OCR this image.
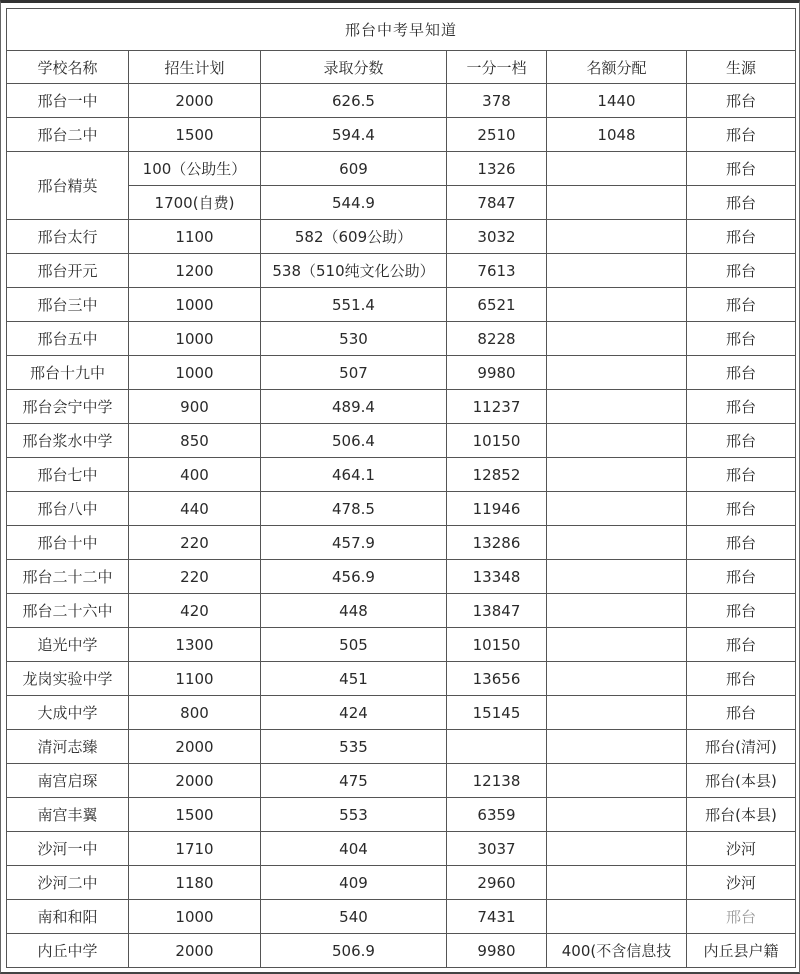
邢台中考早知道					
学校名称	招生计划	录取分数	一分一档	名额分配	生源
邢台一中	2000	626.5	378	1440	邢台
邢台二中	1500	594.4	2510	1048	邢台
邢台精英	100（公助生）	609	1326		邢台
	1700(自费)	544.9	7847		邢台
邢台太行	1100	582（609公助）	3032		邢台
邢台开元	1200	538（510纯文化公助）	7613		邢台
邢台三中	1000	551.4	6521		邢台
邢台五中	1000	530	8228		邢台
邢台十九中	1000	507	9980		邢台
邢台会宁中学	900	489.4	11237		邢台
邢台浆水中学	850	506.4	10150		邢台
邢台七中	400	464.1	12852		邢台
邢台八中	440	478.5	11946		邢台
邢台十中	220	457.9	13286		邢台
邢台二十二中	220	456.9	13348		邢台
邢台二十六中	420	448	13847		邢台
追光中学	1300	505	10150		邢台
龙岗实验中学	1100	451	13656		邢台
大成中学	800	424	15145		邢台
清河志臻	2000	535			邢台(清河)
南宫启琛	2000	475	12138		邢台(本县)
南宫丰翼	1500	553	6359		邢台(本县)
沙河一中	1710	404	3037		沙河
沙河二中	1180	409	2960		沙河
南和和阳	1000	540	7431		邢台
内丘中学	2000	506.9	9980	400(不含信息技	内丘县户籍
